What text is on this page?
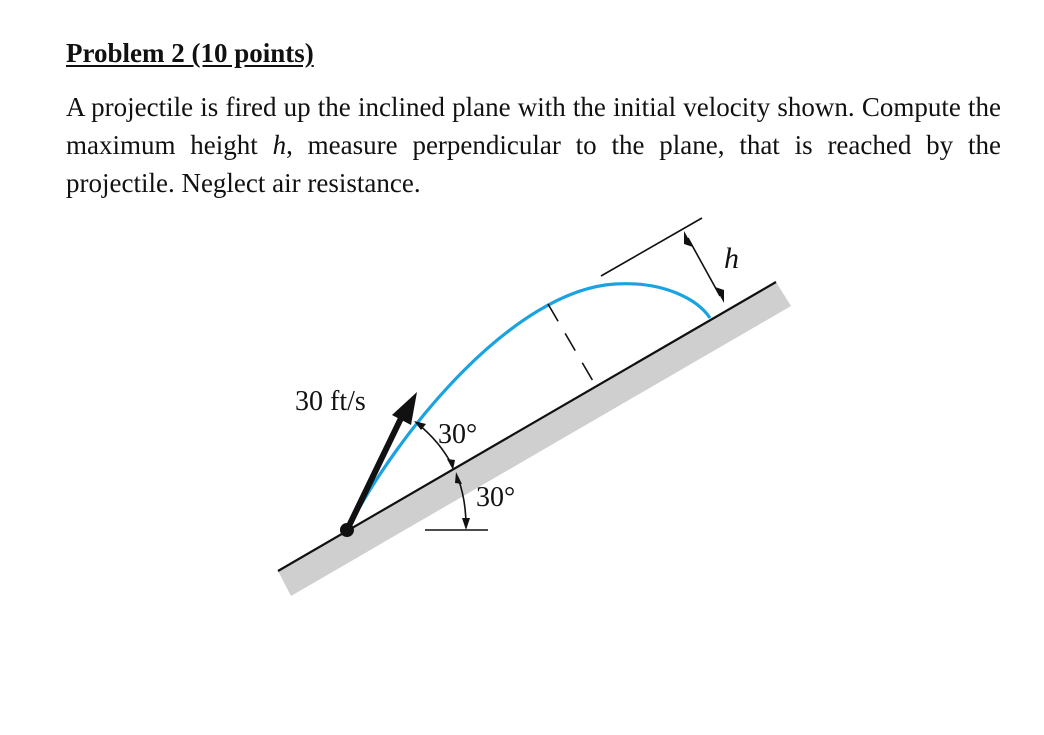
Problem 2 (10 points)

A projectile is fired up the inclined plane with the initial velocity shown. Compute the maximum height h, measure perpendicular to the plane, that is reached by the projectile. Neglect air resistance.

30 ft/s
30°
30°
h
